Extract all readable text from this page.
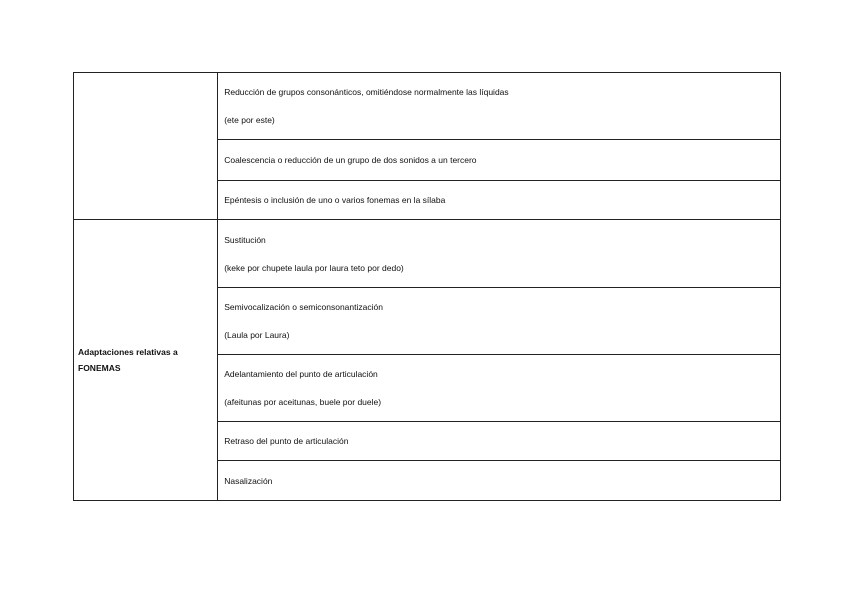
	Reducción de grupos consonánticos, omitiéndose normalmente las líquidas
(ete por este)

	Coalescencia o reducción de un grupo de dos sonidos a un tercero

	Epéntesis o inclusión de uno o varios fonemas en la sílaba

Adaptaciones relativas a FONEMAS	Sustitución
(keke por chupete laula por laura teto por dedo)

	Semivocalización o semiconsonantización
(Laula por Laura)

	Adelantamiento del punto de articulación
(afeitunas por aceitunas, buele por duele)

	Retraso del punto de articulación

	Nasalización
